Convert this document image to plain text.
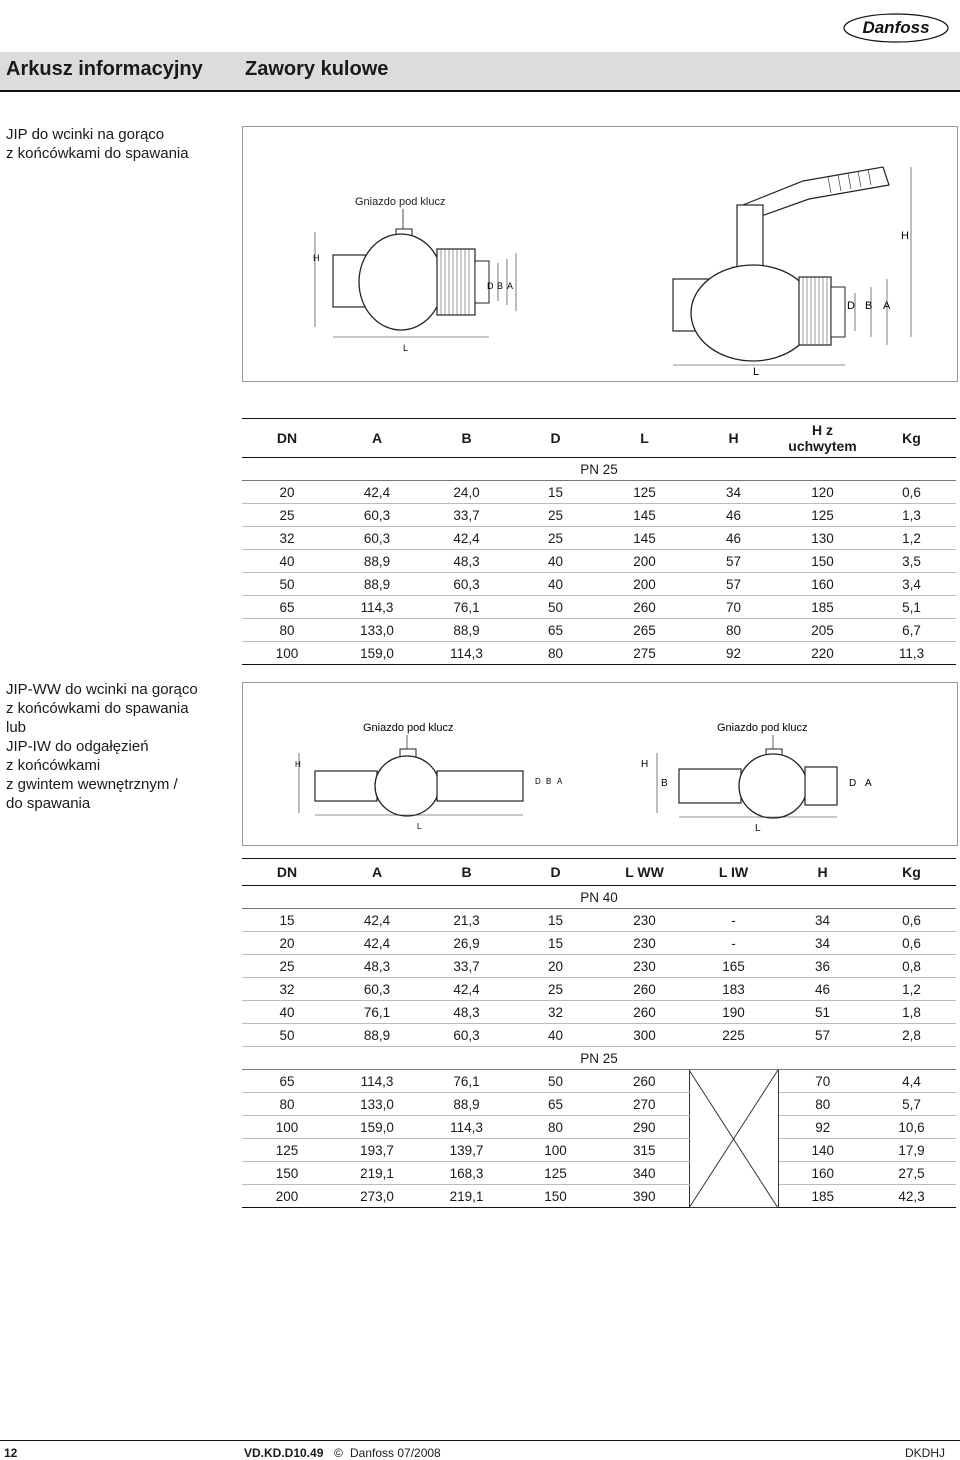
Danfoss
Arkusz informacyjny Zawory kulowe
JIP do wcinki na gorąco
z końcówkami do spawania
Gniazdo pod klucz
H
D B A
L
H
D B A
L
DN	A	B	D	L	H	H z uchwytem	Kg
PN 25							
20	42,4	24,0	15	125	34	120	0,6
25	60,3	33,7	25	145	46	125	1,3
32	60,3	42,4	25	145	46	130	1,2
40	88,9	48,3	40	200	57	150	3,5
50	88,9	60,3	40	200	57	160	3,4
65	114,3	76,1	50	260	70	185	5,1
80	133,0	88,9	65	265	80	205	6,7
100	159,0	114,3	80	275	92	220	11,3
JIP-WW do wcinki na gorąco
z końcówkami do spawania
lub
JIP-IW do odgałęzień
z końcówkami
z gwintem wewnętrznym /
do spawania
Gniazdo pod klucz
H
D B A
L
Gniazdo pod klucz
H
B	D A
L
DN	A	B	D	L WW	L IW	H	Kg
PN 40							
15	42,4	21,3	15	230	-	34	0,6
20	42,4	26,9	15	230	-	34	0,6
25	48,3	33,7	20	230	165	36	0,8
32	60,3	42,4	25	260	183	46	1,2
40	76,1	48,3	32	260	190	51	1,8
50	88,9	60,3	40	300	225	57	2,8
PN 25							
65	114,3	76,1	50	260		70	4,4
80	133,0	88,9	65	270		80	5,7
100	159,0	114,3	80	290		92	10,6
125	193,7	139,7	100	315		140	17,9
150	219,1	168,3	125	340		160	27,5
200	273,0	219,1	150	390		185	42,3
12	VD.KD.D10.49 © Danfoss 07/2008	DKDHJ
